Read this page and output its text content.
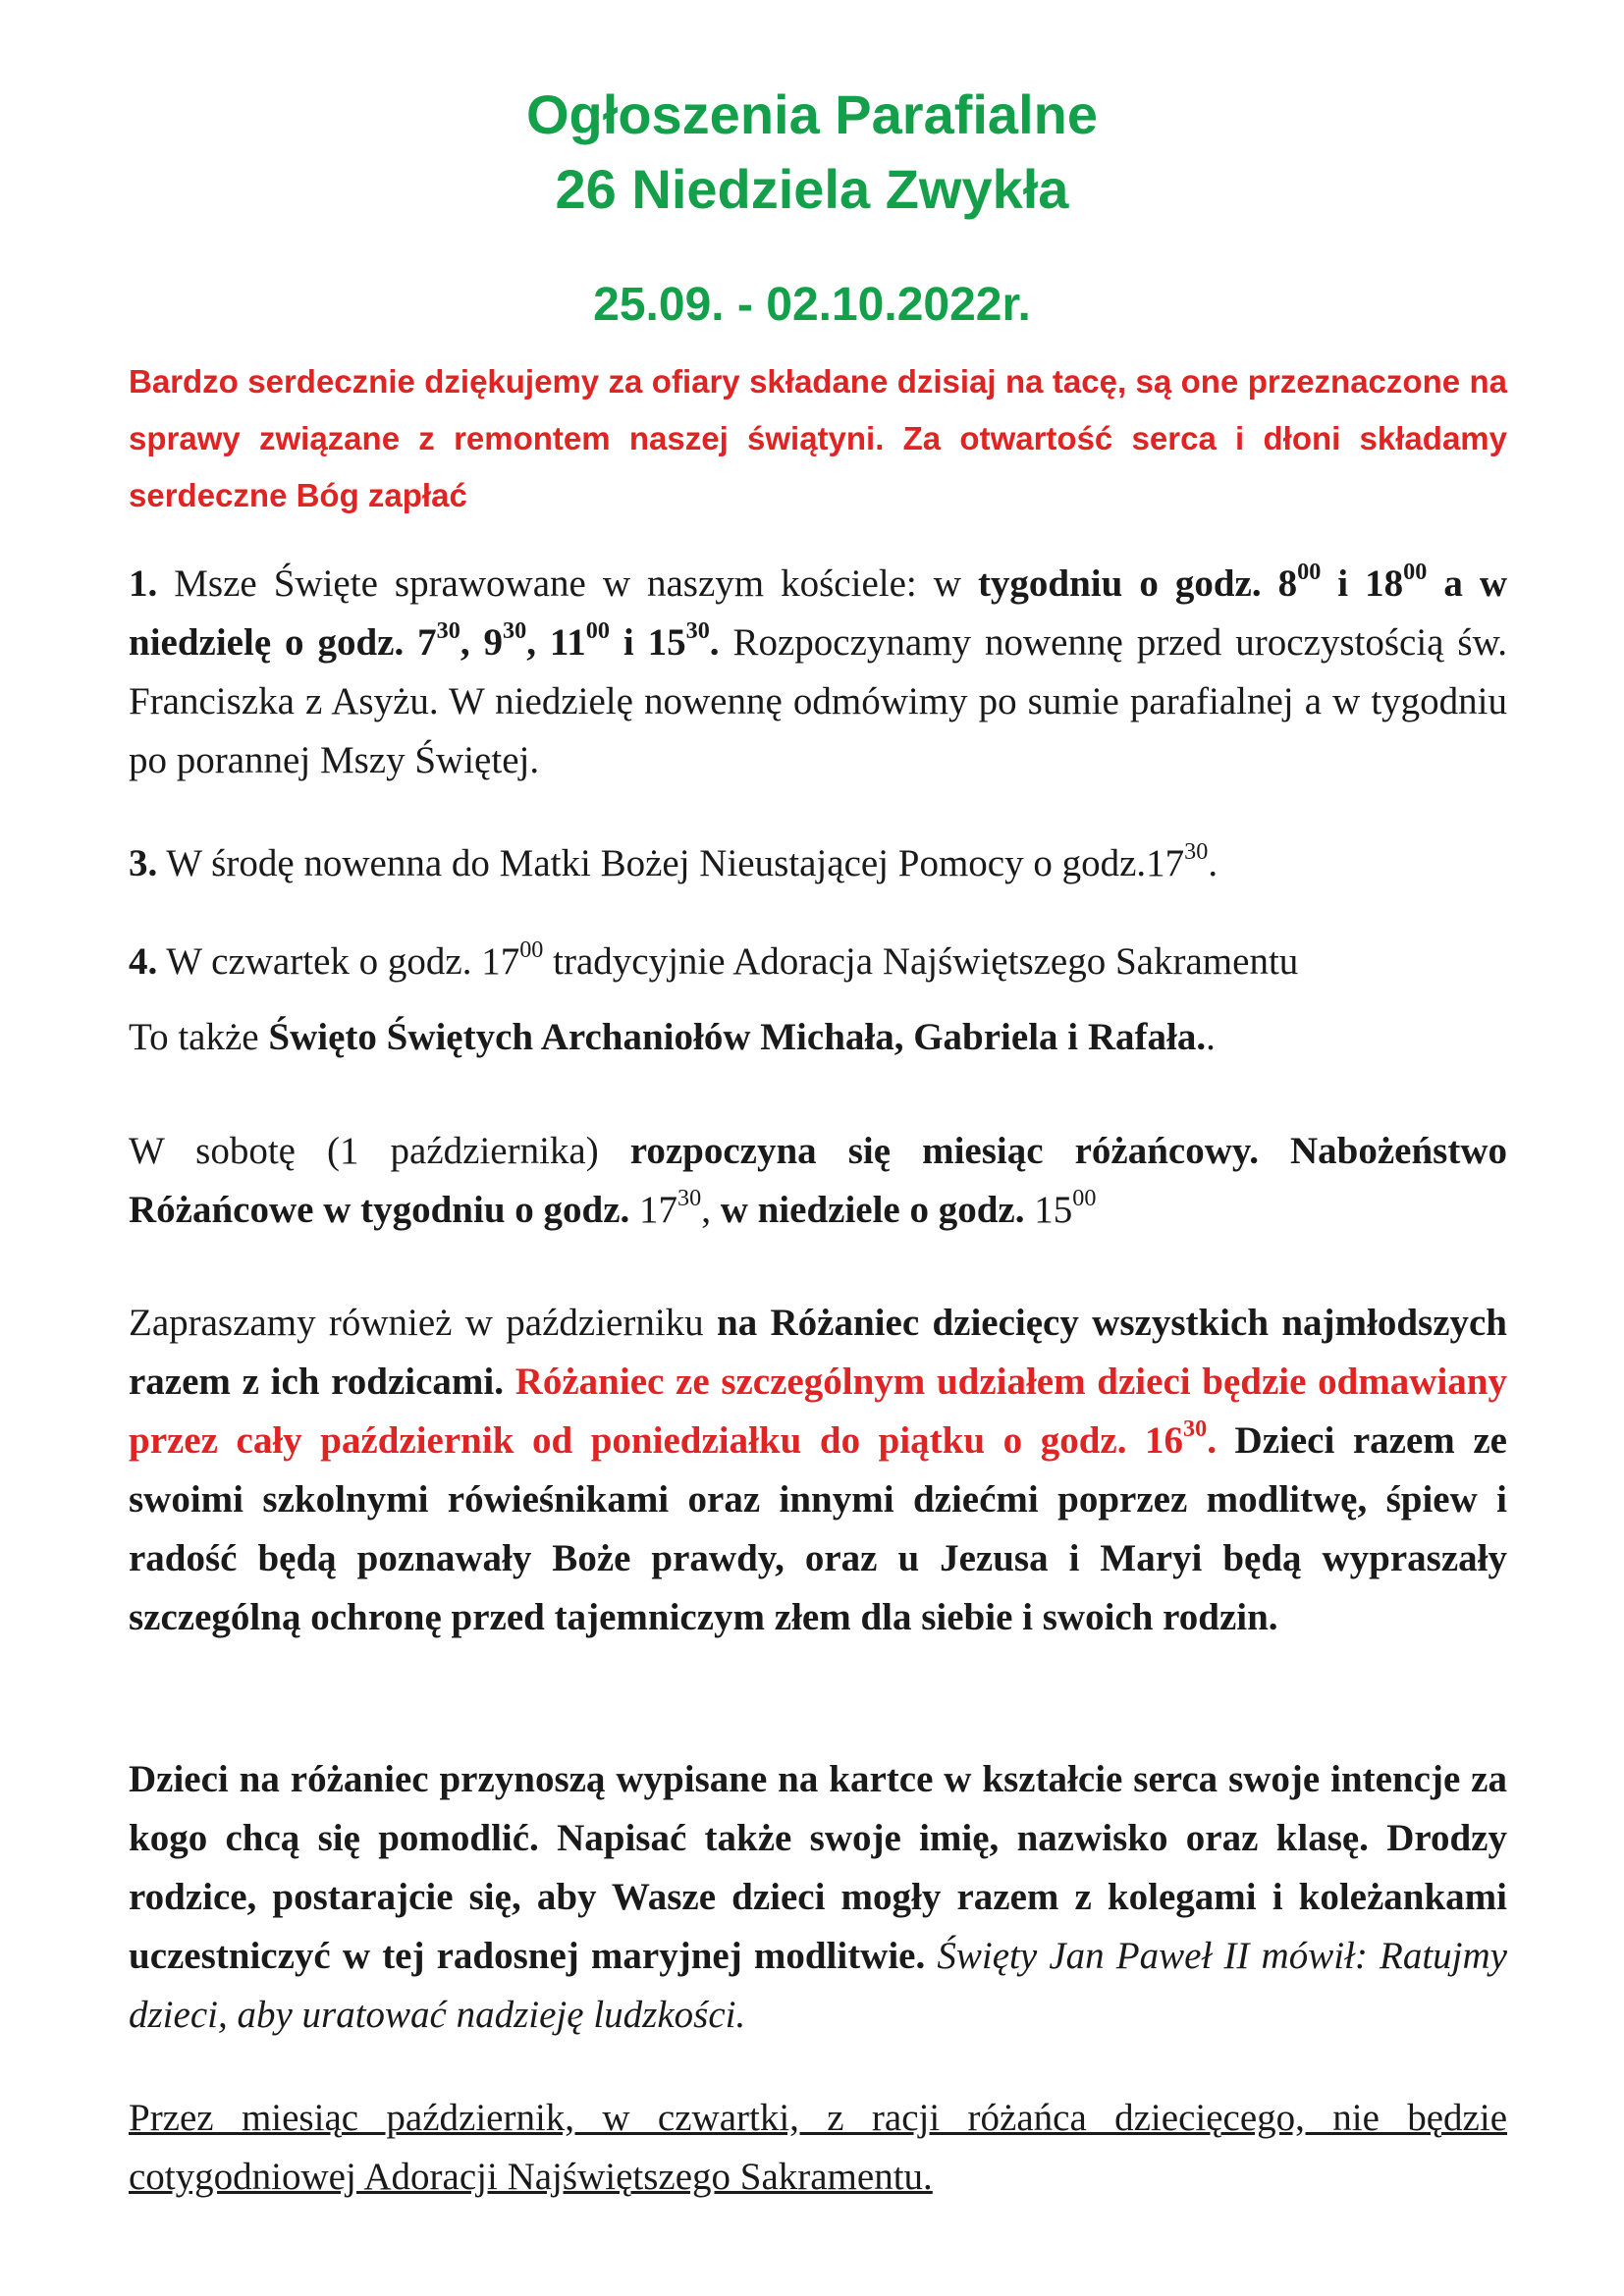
Ogłoszenia Parafialne
26 Niedziela Zwykła
25.09. - 02.10.2022r.
Bardzo serdecznie dziękujemy za ofiary składane dzisiaj na tacę, są one przeznaczone na sprawy związane z remontem naszej świątyni. Za otwartość serca i dłoni składamy serdeczne Bóg zapłać
1. Msze Święte sprawowane w naszym kościele: w tygodniu o godz. $8^{00}$ i $18^{00}$ a w niedzielę o godz. $7^{30}$, $9^{30}$, $11^{00}$ i $15^{30}$. Rozpoczynamy nowennę przed uroczystością św. Franciszka z Asyżu. W niedzielę nowennę odmówimy po sumie parafialnej a w tygodniu po porannej Mszy Świętej.
3. W środę nowenna do Matki Bożej Nieustającej Pomocy o $godz.17^{30}$.
4. W czwartek o godz. $17^{00}$ tradycyjnie Adoracja Najświętszego Sakramentu
To także Święto Świętych Archaniołów Michała, Gabriela i Rafała..
W sobotę (1 października) rozpoczyna się miesiąc różańcowy. Nabożeństwo Różańcowe w tygodniu o godz. $17^{30}$, w niedziele o godz. $15^{00}$
Zapraszamy również w październiku na Różaniec dziecięcy wszystkich najmłodszych razem z ich rodzicami. Różaniec ze szczególnym udziałem dzieci będzie odmawiany przez cały październik od poniedziałku do piątku o godz. $16^{30}$. Dzieci razem ze swoimi szkolnymi rówieśnikami oraz innymi dziećmi poprzez modlitwę, śpiew i radość będą poznawały Boże prawdy, oraz u Jezusa i Maryi będą wypraszały szczególną ochronę przed tajemniczym złem dla siebie i swoich rodzin.
Dzieci na różaniec przynoszą wypisane na kartce w kształcie serca swoje intencje za kogo chcą się pomodlić. Napisać także swoje imię, nazwisko oraz klasę. Drodzy rodzice, postarajcie się, aby Wasze dzieci mogły razem z kolegami i koleżankami uczestniczyć w tej radosnej maryjnej modlitwie. Święty Jan Paweł II mówił: Ratujmy dzieci, aby uratować nadzieję ludzkości.
Przez miesiąc październik, w czwartki, z racji różańca dziecięcego, nie będzie cotygodniowej Adoracji Najświętszego Sakramentu.
